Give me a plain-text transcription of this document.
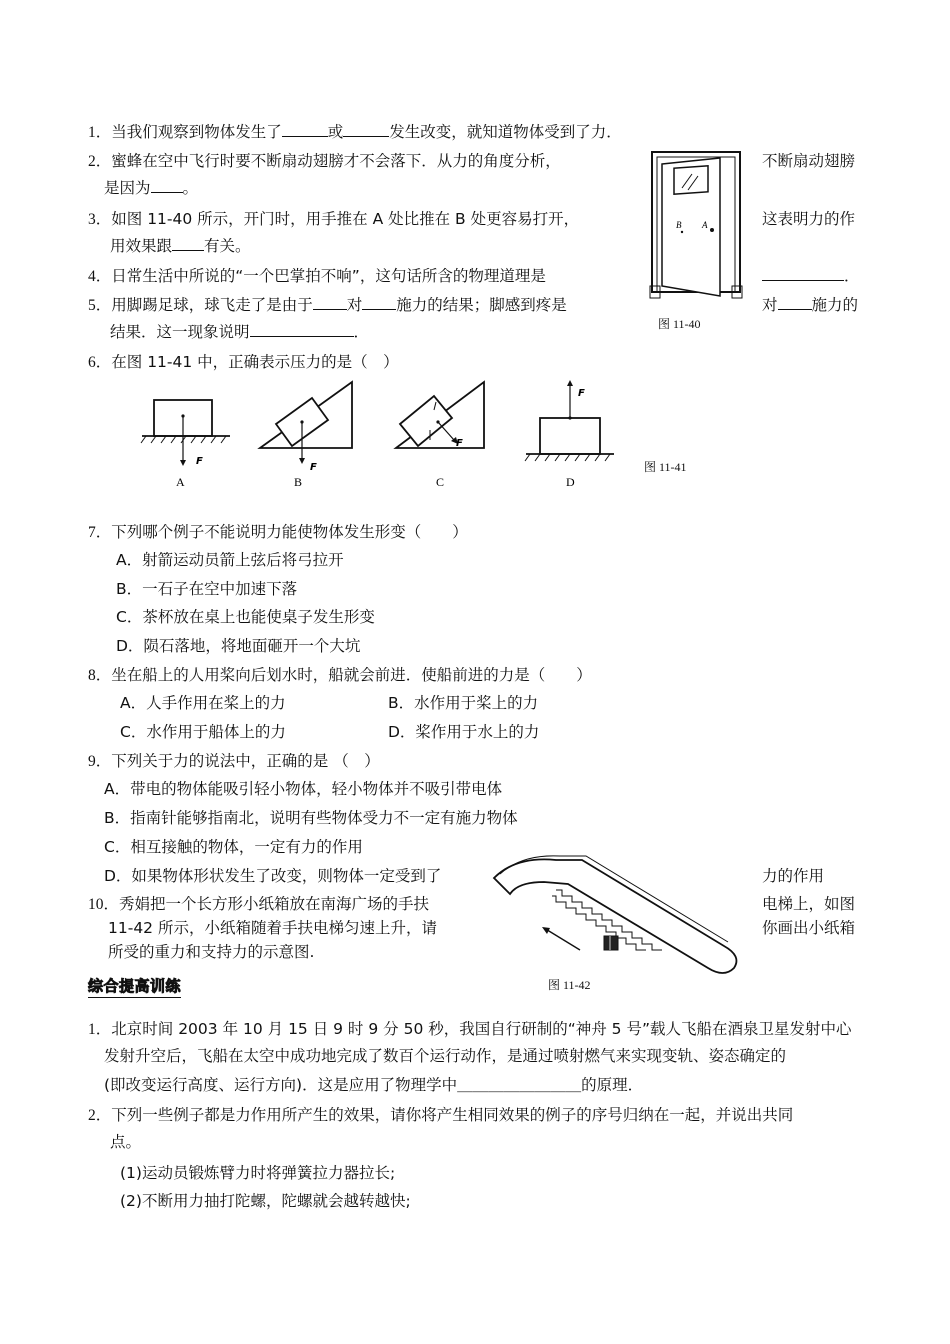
1．当我们观察到物体发生了	或	发生改变，就知道物体受到了力．
2．蜜蜂在空中飞行时要不断扇动翅膀才不会落下．从力的角度分析，	不断扇动翅膀
是因为 。
3．如图 11-40 所示，开门时，用手推在 A 处比推在 B 处更容易打开，	这表明力的作
用效果跟 有关。
4．日常生活中所说的“一个巴掌拍不响”，这句话所含的物理道理是	．
5．用脚踢足球，球飞走了是由于 对 施力的结果；脚感到疼是	对 施力的
结果．这一现象说明	．
B A
图 11-40
6．在图 11-41 中，正确表示压力的是（　）
F
A
F
B
F
C
F
D
图 11-41
7．下列哪个例子不能说明力能使物体发生形变（　　）
A．射箭运动员箭上弦后将弓拉开
B．一石子在空中加速下落
C．茶杯放在桌上也能使桌子发生形变
D．陨石落地，将地面砸开一个大坑
8．坐在船上的人用桨向后划水时，船就会前进．使船前进的力是（　　）
A．人手作用在桨上的力	B．水作用于桨上的力
C．水作用于船体上的力	D．桨作用于水上的力
9．下列关于力的说法中，正确的是 （　）
A．带电的物体能吸引轻小物体，轻小物体并不吸引带电体
B．指南针能够指南北，说明有些物体受力不一定有施力物体
C．相互接触的物体，一定有力的作用
D．如果物体形状发生了改变，则物体一定受到了	力的作用
10．秀娟把一个长方形小纸箱放在南海广场的手扶	电梯上，如图
11-42 所示，小纸箱随着手扶电梯匀速上升，请	你画出小纸箱
所受的重力和支持力的示意图.
图 11-42
综合提高训练
1．北京时间 2003 年 10 月 15 日 9 时 9 分 50 秒，我国自行研制的“神舟 5 号”载人飞船在酒泉卫星发射中心
发射升空后，飞船在太空中成功地完成了数百个运行动作，是通过喷射燃气来实现变轨、姿态确定的
(即改变运行高度、运行方向)．这是应用了物理学中＿＿＿＿＿＿＿＿的原理．
2．下列一些例子都是力作用所产生的效果，请你将产生相同效果的例子的序号归纳在一起，并说出共同
点。
(1)运动员锻炼臂力时将弹簧拉力器拉长;
(2)不断用力抽打陀螺，陀螺就会越转越快;
